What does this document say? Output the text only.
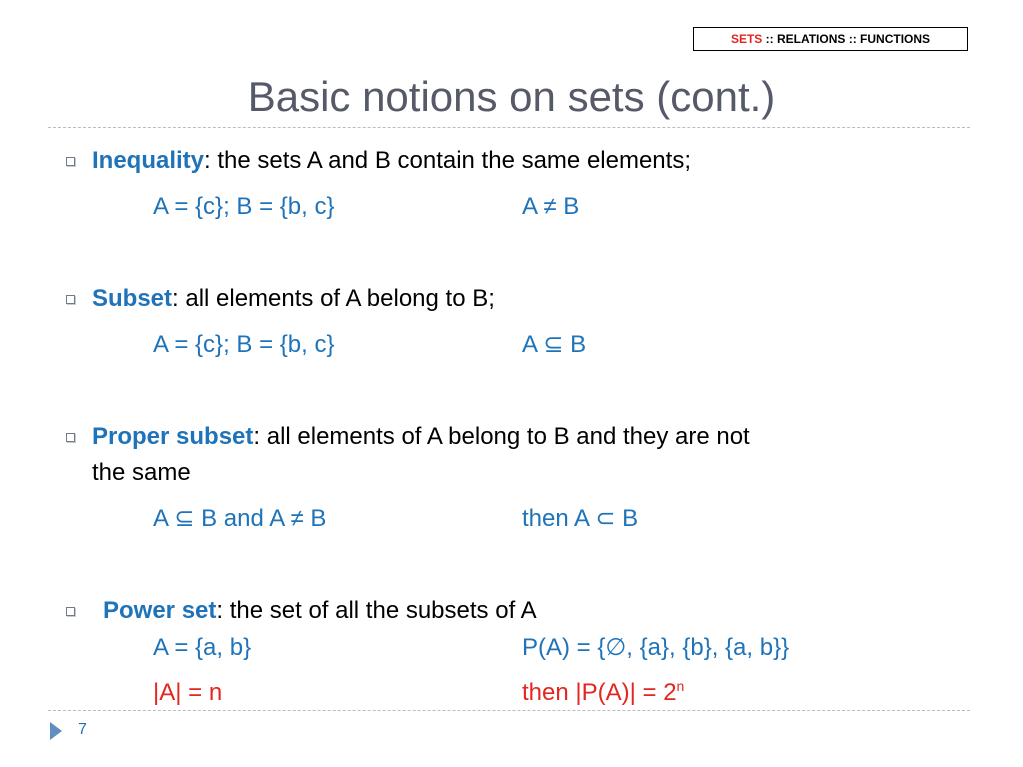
SETS :: RELATIONS :: FUNCTIONS
Basic notions on sets (cont.)
Inequality: the sets A and B contain the same elements;
A = {c}; B = {b, c}	A ≠ B
Subset: all elements of A belong to B;
A = {c}; B = {b, c}	A ⊆ B
Proper subset: all elements of A belong to B and they are not
the same
A ⊆ B and A ≠ B	then A ⊂ B
Power set: the set of all the subsets of A
A = {a, b}	P(A) = {∅, {a}, {b}, {a, b}}
|A| = n	then $|P(A)| = 2^n$
7
